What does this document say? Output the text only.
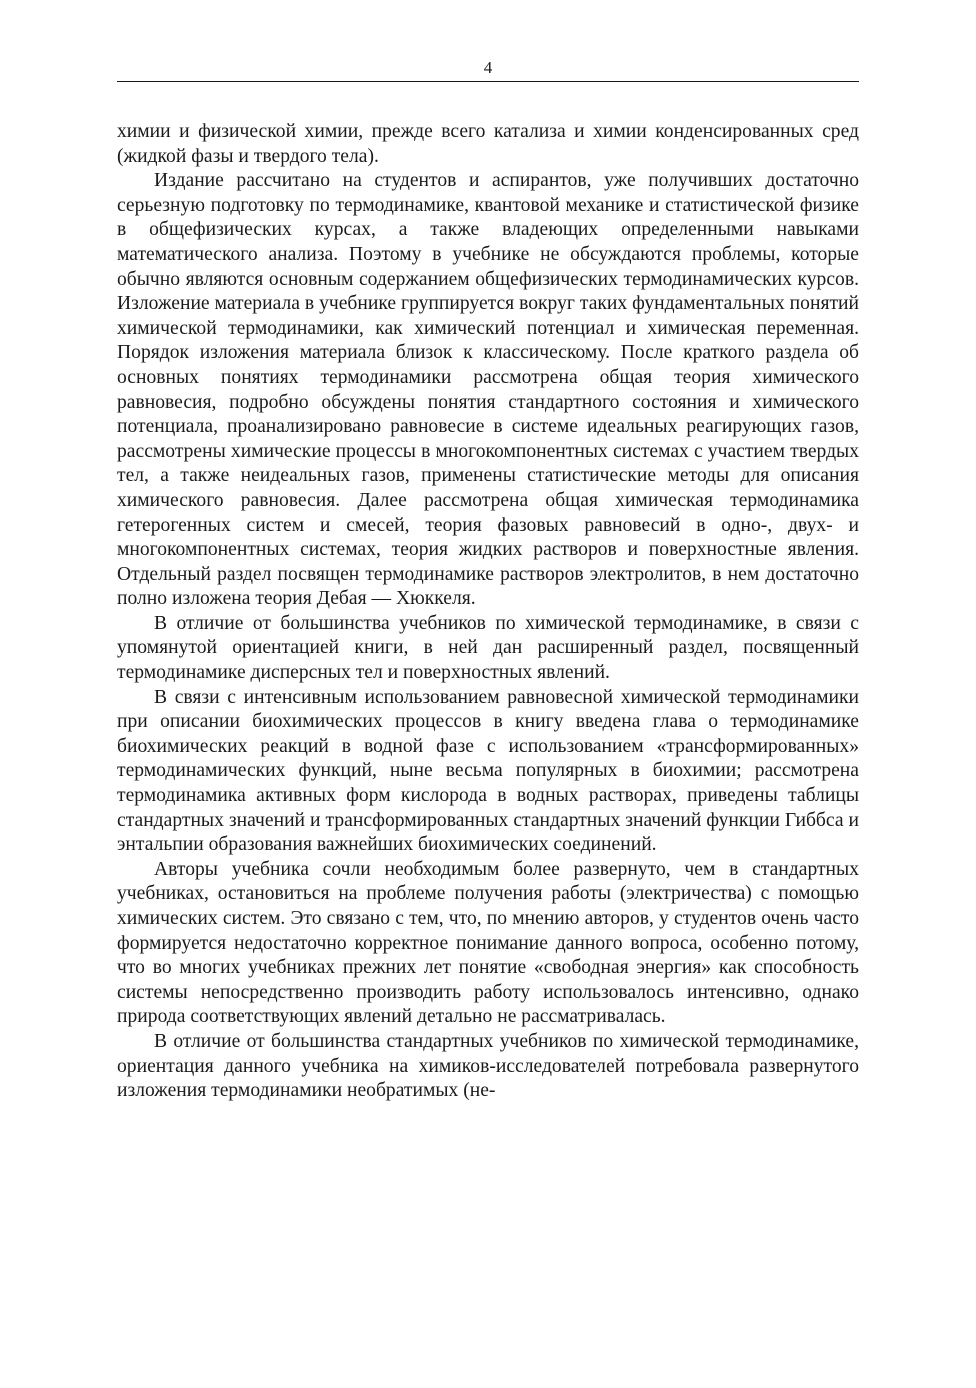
4

химии и физической химии, прежде всего катализа и химии конденсированных сред (жидкой фазы и твердого тела).

Издание рассчитано на студентов и аспирантов, уже получивших достаточно серьезную подготовку по термодинамике, квантовой механике и статистической физике в общефизических курсах, а также владеющих определенными навыками математического анализа. Поэтому в учебнике не обсуждаются проблемы, которые обычно являются основным содержанием общефизических термодинамических курсов. Изложение материала в учебнике группируется вокруг таких фундаментальных понятий химической термодинамики, как химический потенциал и химическая переменная. Порядок изложения материала близок к классическому. После краткого раздела об основных понятиях термодинамики рассмотрена общая теория химического равновесия, подробно обсуждены понятия стандартного состояния и химического потенциала, проанализировано равновесие в системе идеальных реагирующих газов, рассмотрены химические процессы в многокомпонентных системах с участием твердых тел, а также неидеальных газов, применены статистические методы для описания химического равновесия. Далее рассмотрена общая химическая термодинамика гетерогенных систем и смесей, теория фазовых равновесий в одно-, двух- и многокомпонентных системах, теория жидких растворов и поверхностные явления. Отдельный раздел посвящен термодинамике растворов электролитов, в нем достаточно полно изложена теория Дебая — Хюккеля.

В отличие от большинства учебников по химической термодинамике, в связи с упомянутой ориентацией книги, в ней дан расширенный раздел, посвященный термодинамике дисперсных тел и поверхностных явлений.

В связи с интенсивным использованием равновесной химической термодинамики при описании биохимических процессов в книгу введена глава о термодинамике биохимических реакций в водной фазе с использованием «трансформированных» термодинамических функций, ныне весьма популярных в биохимии; рассмотрена термодинамика активных форм кислорода в водных растворах, приведены таблицы стандартных значений и трансформированных стандартных значений функции Гиббса и энтальпии образования важнейших биохимических соединений.

Авторы учебника сочли необходимым более развернуто, чем в стандартных учебниках, остановиться на проблеме получения работы (электричества) с помощью химических систем. Это связано с тем, что, по мнению авторов, у студентов очень часто формируется недостаточно корректное понимание данного вопроса, особенно потому, что во многих учебниках прежних лет понятие «свободная энергия» как способность системы непосредственно производить работу использовалось интенсивно, однако природа соответствующих явлений детально не рассматривалась.

В отличие от большинства стандартных учебников по химической термодинамике, ориентация данного учебника на химиков-исследователей потребовала развернутого изложения термодинамики необратимых (не-
